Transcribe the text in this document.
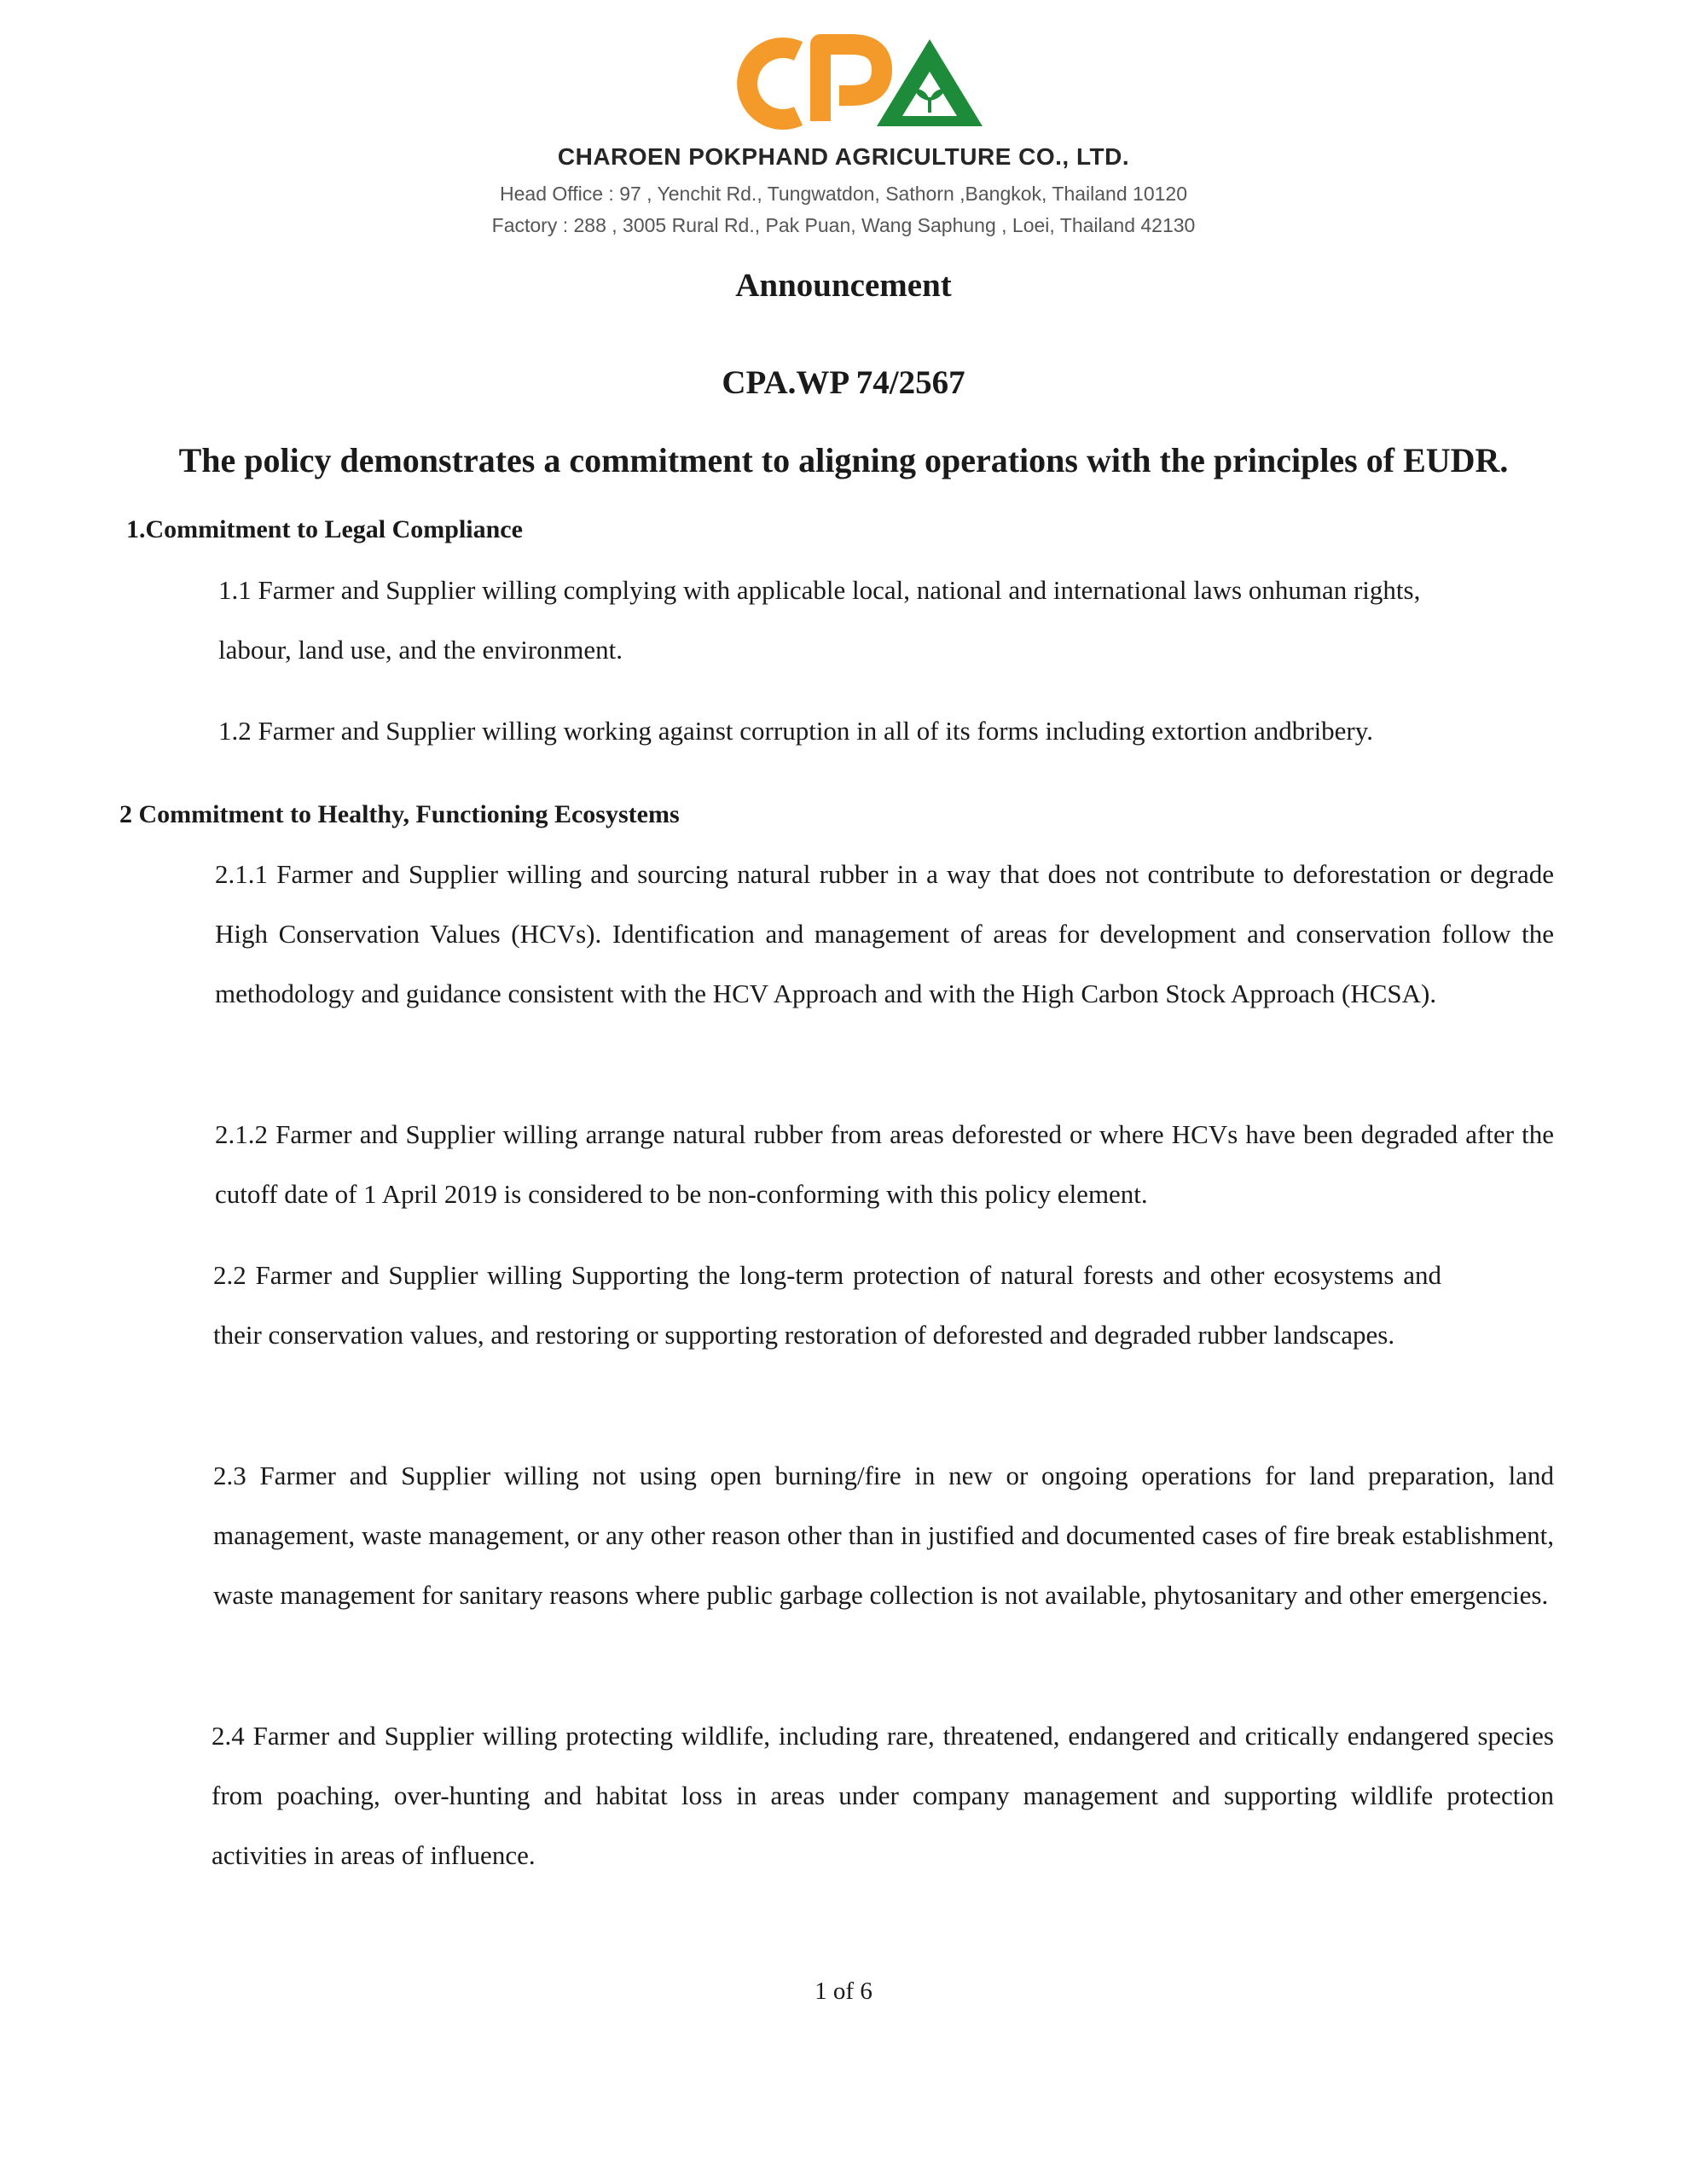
CHAROEN POKPHAND AGRICULTURE CO., LTD.
Head Office : 97 , Yenchit Rd., Tungwatdon, Sathorn ,Bangkok, Thailand 10120
Factory : 288 , 3005 Rural Rd., Pak Puan, Wang Saphung , Loei, Thailand 42130
Announcement
CPA.WP 74/2567
The policy demonstrates a commitment to aligning operations with the principles of EUDR.
1.Commitment to Legal Compliance

1.1 Farmer and Supplier willing complying with applicable local, national and international laws onhuman rights, labour, land use, and the environment.

1.2 Farmer and Supplier willing working against corruption in all of its forms including extortion andbribery.

2 Commitment to Healthy, Functioning Ecosystems

2.1.1 Farmer and Supplier willing and sourcing natural rubber in a way that does not contribute to deforestation or degrade High Conservation Values (HCVs). Identification and management of areas for development and conservation follow the methodology and guidance consistent with the HCV Approach and with the High Carbon Stock Approach (HCSA).

2.1.2 Farmer and Supplier willing arrange natural rubber from areas deforested or where HCVs have been degraded after the cutoff date of 1 April 2019 is considered to be non-conforming with this policy element.

2.2 Farmer and Supplier willing Supporting the long-term protection of natural forests and other ecosystems and their conservation values, and restoring or supporting restoration of deforested and degraded rubber landscapes.

2.3 Farmer and Supplier willing not using open burning/fire in new or ongoing operations for land preparation, land management, waste management, or any other reason other than in justified and documented cases of fire break establishment, waste management for sanitary reasons where public garbage collection is not available, phytosanitary and other emergencies.

2.4 Farmer and Supplier willing protecting wildlife, including rare, threatened, endangered and critically endangered species from poaching, over-hunting and habitat loss in areas under company management and supporting wildlife protection activities in areas of influence.

1 of 6
